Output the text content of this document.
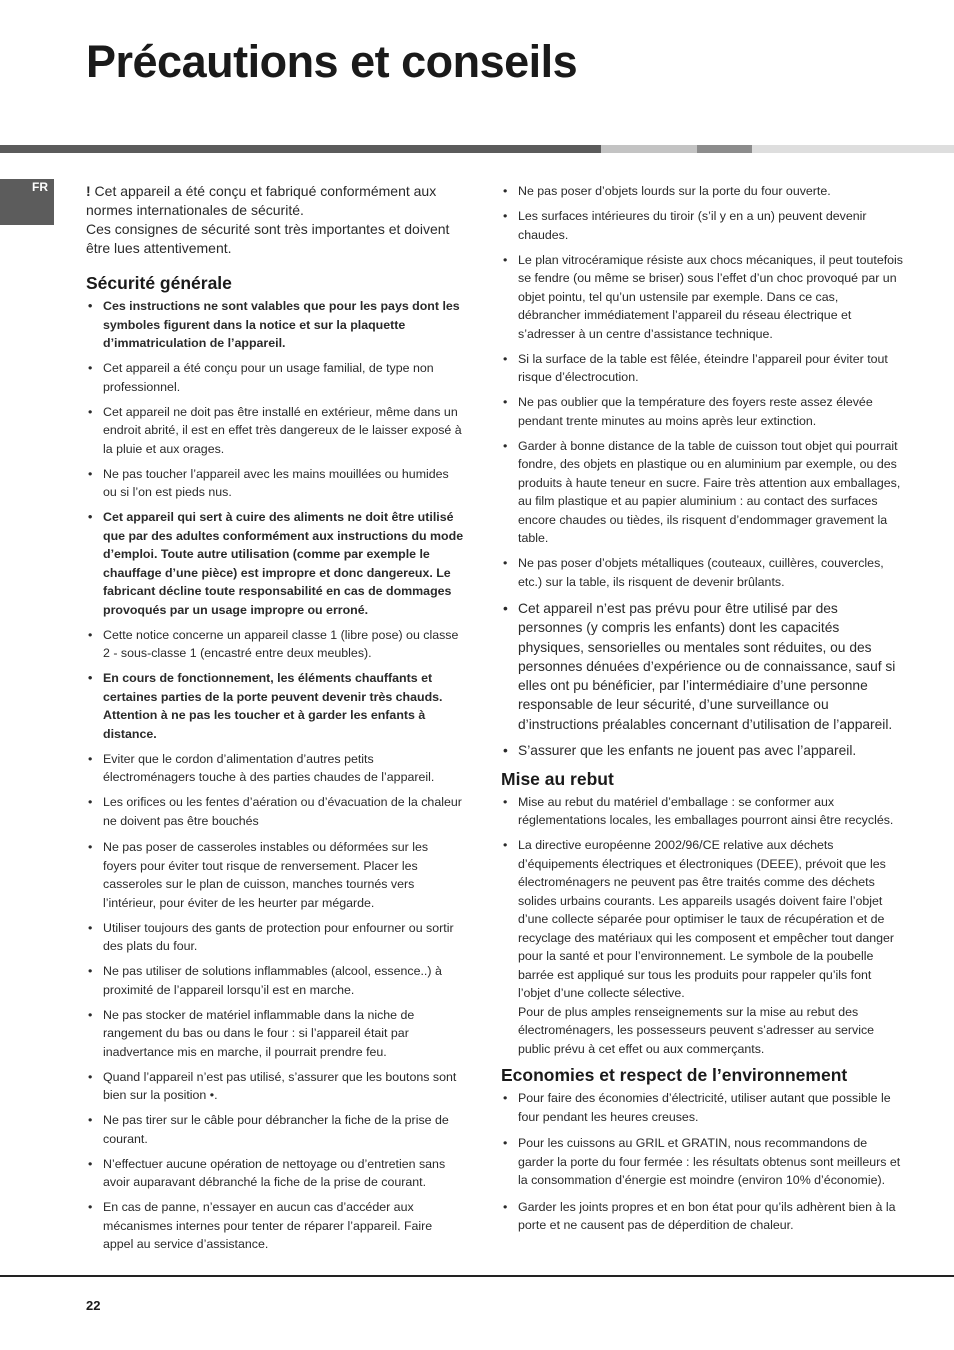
Précautions et conseils
FR	! Cet appareil a été conçu et fabriqué conformément aux normes internationales de sécurité.

Ces consignes de sécurité sont très importantes et doivent être lues attentivement.

Sécurité générale
• Ces instructions ne sont valables que pour les pays dont les symboles figurent dans la notice et sur la plaquette d’immatriculation de l’appareil.
• Cet appareil a été conçu pour un usage familial, de type non professionnel.
• Cet appareil ne doit pas être installé en extérieur, même dans un endroit abrité, il est en effet très dangereux de le laisser exposé à la pluie et aux orages.
• Ne pas toucher l’appareil avec les mains mouillées ou humides ou si l’on est pieds nus.
• Cet appareil qui sert à cuire des aliments ne doit être utilisé que par des adultes conformément aux instructions du mode d’emploi. Toute autre utilisation (comme par exemple le chauffage d’une pièce) est impropre et donc dangereux. Le fabricant décline toute responsabilité en cas de dommages provoqués par un usage impropre ou erroné.
• Cette notice concerne un appareil classe 1 (libre pose) ou classe 2 - sous-classe 1 (encastré entre deux meubles).
• En cours de fonctionnement, les éléments chauffants et certaines parties de la porte peuvent devenir très chauds. Attention à ne pas les toucher et à garder les enfants à distance.
• Eviter que le cordon d’alimentation d’autres petits électroménagers touche à des parties chaudes de l’appareil.
• Les orifices ou les fentes d’aération ou d’évacuation de la chaleur ne doivent pas être bouchés
• Ne pas poser de casseroles instables ou déformées sur les foyers pour éviter tout risque de renversement. Placer les casseroles sur le plan de cuisson, manches tournés vers l’intérieur, pour éviter de les heurter par mégarde.
• Utiliser toujours des gants de protection pour enfourner ou sortir des plats du four.
• Ne pas utiliser de solutions inflammables (alcool, essence..) à proximité de l’appareil lorsqu’il est en marche.
• Ne pas stocker de matériel inflammable dans la niche de rangement du bas ou dans le four : si l’appareil était par inadvertance mis en marche, il pourrait prendre feu.
• Quand l’appareil n’est pas utilisé, s’assurer que les boutons sont bien sur la position •.
• Ne pas tirer sur le câble pour débrancher la fiche de la prise de courant.
• N’effectuer aucune opération de nettoyage ou d’entretien sans avoir auparavant débranché la fiche de la prise de courant.
• En cas de panne, n’essayer en aucun cas d’accéder aux mécanismes internes pour tenter de réparer l’appareil. Faire appel au service d’assistance.
• Ne pas poser d’objets lourds sur la porte du four ouverte.
• Les surfaces intérieures du tiroir (s’il y en a un) peuvent devenir chaudes.
• Le plan vitrocéramique résiste aux chocs mécaniques, il peut toutefois se fendre (ou même se briser) sous l’effet d’un choc provoqué par un objet pointu, tel qu’un ustensile par exemple. Dans ce cas, débrancher immédiatement l’appareil du réseau électrique et s’adresser à un centre d’assistance technique.
• Si la surface de la table est fêlée, éteindre l’appareil pour éviter tout risque d’électrocution.
• Ne pas oublier que la température des foyers reste assez élevée pendant trente minutes au moins après leur extinction.
• Garder à bonne distance de la table de cuisson tout objet qui pourrait fondre, des objets en plastique ou en aluminium par exemple, ou des produits à haute teneur en sucre. Faire très attention aux emballages, au film plastique et au papier aluminium : au contact des surfaces encore chaudes ou tièdes, ils risquent d’endommager gravement la table.
• Ne pas poser d’objets métalliques (couteaux, cuillères, couvercles, etc.) sur la table, ils risquent de devenir brûlants.
• Cet appareil n’est pas prévu pour être utilisé par des personnes (y compris les enfants) dont les capacités physiques, sensorielles ou mentales sont réduites, ou des personnes dénuées d’expérience ou de connaissance, sauf si elles ont pu bénéficier, par l’intermédiaire d’une personne responsable de leur sécurité, d’une surveillance ou d’instructions préalables concernant d’utilisation de l’appareil.
• S’assurer que les enfants ne jouent pas avec l’appareil.
Mise au rebut
• Mise au rebut du matériel d’emballage : se conformer aux réglementations locales, les emballages pourront ainsi être recyclés.
• La directive européenne 2002/96/CE relative aux déchets d’équipements électriques et électroniques (DEEE), prévoit que les électroménagers ne peuvent pas être traités comme des déchets solides urbains courants. Les appareils usagés doivent faire l’objet d’une collecte séparée pour optimiser le taux de récupération et de recyclage des matériaux qui les composent et empêcher tout danger pour la santé et pour l’environnement. Le symbole de la poubelle barrée est appliqué sur tous les produits pour rappeler qu’ils font l’objet d’une collecte sélective.

Pour de plus amples renseignements sur la mise au rebut des électroménagers, les possesseurs peuvent s’adresser au service public prévu à cet effet ou aux commerçants.

Economies et respect de l’environnement
• Pour faire des économies d’électricité, utiliser autant que possible le four pendant les heures creuses.
• Pour les cuissons au GRIL et GRATIN, nous recommandons de garder la porte du four fermée : les résultats obtenus sont meilleurs et la consommation d’énergie est moindre (environ 10% d’économie).
• Garder les joints propres et en bon état pour qu’ils adhèrent bien à la porte et ne causent pas de déperdition de chaleur.
22
